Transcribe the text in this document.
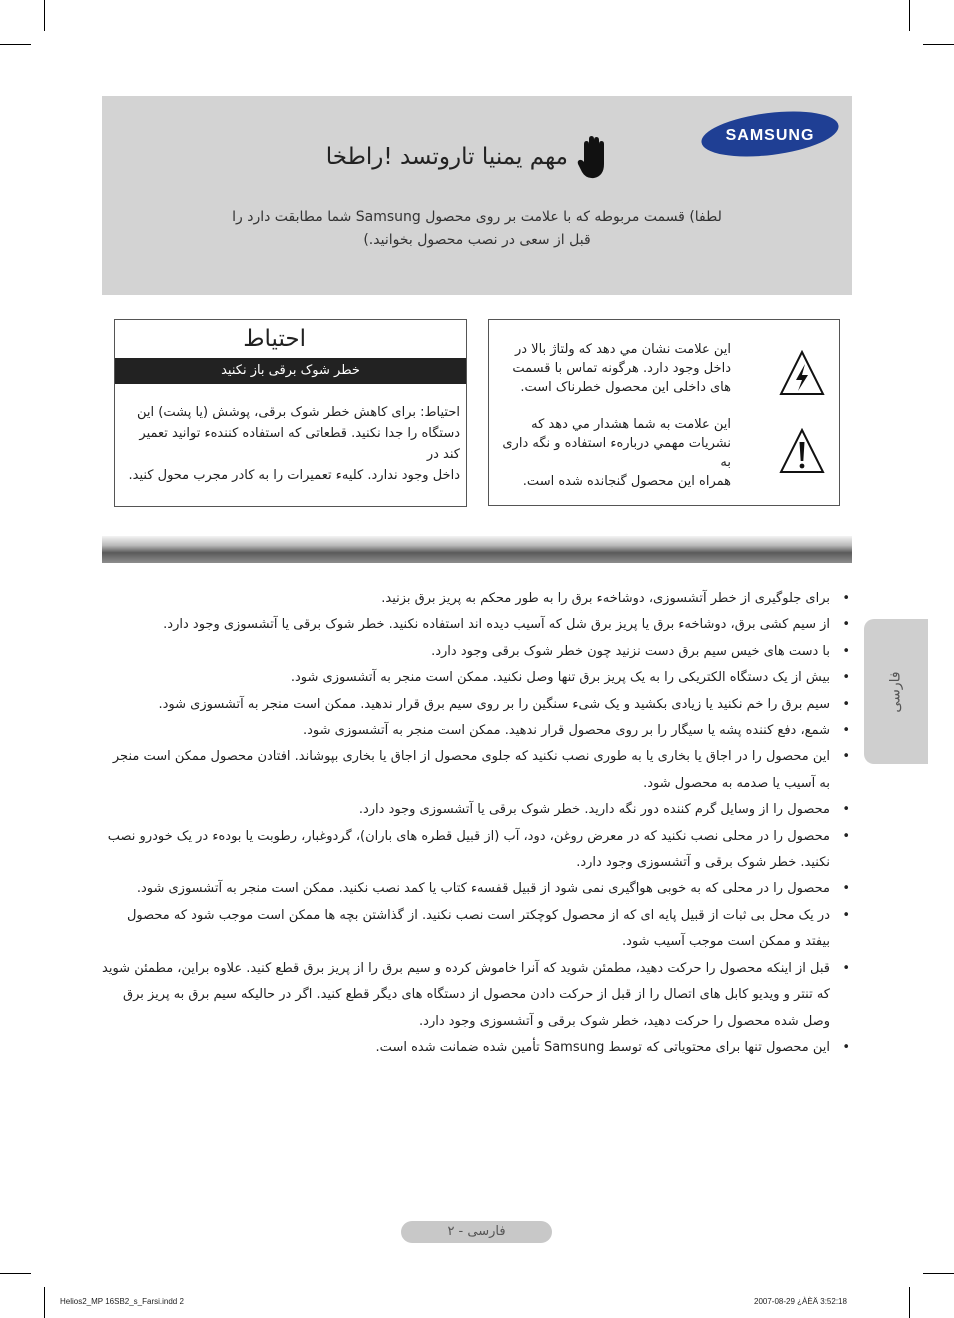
SAMSUNG
مهم يمنيا تاروتسد !راطخا
لطفا) قسمت مربوطه که با علامت بر روی محصول Samsung شما مطابقت دارد را
قبل از سعی در نصب محصول بخوانيد.)
احتياط
خطر شوک برقی باز نکنيد
احتياط: برای کاهش خطر شوک برقی، پوشش (يا پشت) اين
دستگاه را جدا نکنيد. قطعاتی که استفاده کنندهء توانيد تعمير کند در
داخل وجود ندارد. کليهء تعميرات را به کادر مجرب محول کنيد.
اين علامت نشان مي دهد که ولتاژ بالا در
داخل وجود دارد. هرگونه تماس با قسمت
های داخلی اين محصول خطرناک است.
اين علامت به شما هشدار مي دهد که
نشريات مهمي دربارهء استفاده و نگه داری به
همراه اين محصول گنجانده شده است.
• برای جلوگيری از خطر آتشسوزی، دوشاخهء برق را به طور محکم به پريز برق بزنيد.
• از سيم کشی برق، دوشاخهء برق يا پريز برق شل که آسيب ديده اند استفاده نکنيد. خطر شوک برقی يا آتشسوزی وجود دارد.
• با دست های خيس سيم برق دست نزنيد چون خطر شوک برقی وجود دارد.
• بيش از يک دستگاه الکتريکی را به يک پريز برق تنها وصل نکنيد. ممکن است منجر به آتشسوزی شود.
• سيم برق را خم نکنيد يا زيادی بکشيد و يک شیء سنگين را بر روی سيم برق قرار ندهيد. ممکن است منجر به آتشسوزی شود.
• شمع، دفع کننده پشه يا سيگار را بر روی محصول قرار ندهيد. ممکن است منجر به آتشسوزی شود.
• اين محصول را در اجاق يا بخاری يا به طوری نصب نکنيد که جلوی محصول از اجاق يا بخاری بپوشاند. افتادن محصول ممکن است منجر به آسيب يا صدمه به محصول شود.
• محصول را از وسايل گرم کننده دور نگه داريد. خطر شوک برقی يا آتشسوزی وجود دارد.
• محصول را در محلی نصب نکنيد که در معرض روغن، دود، آب (از قبيل قطره های باران)، گردوغبار، رطوبت يا بودهء در يک خودرو نصب نکنيد. خطر شوک برقی و آتشسوزی وجود دارد.
• محصول را در محلی که به خوبی هواگيری نمی شود از قبيل قفسهء کتاب يا کمد نصب نکنيد. ممکن است منجر به آتشسوزی شود.
• در يک محل بی ثبات از قبيل پايه ای که از محصول کوچکتر است نصب نکنيد. از گذاشتن بچه ها ممکن است موجب شود که محصول بيفتد و ممکن است موجب آسيب شود.
• قبل از اينکه محصول را حرکت دهيد، مطمئن شويد که آنرا خاموش کرده و سيم برق را از پريز برق قطع کنيد. علاوه براين، مطمئن شويد که تنتر و ويديو کابل های اتصال را از قبل از حرکت دادن محصول از دستگاه های ديگر قطع کنيد. اگر در حاليکه سيم برق به پريز برق وصل شده محصول را حرکت دهيد، خطر شوک برقی و آتشسوزی وجود دارد.
• اين محصول تنها برای محتوياتی که توسط Samsung تأمين شده ضمانت شده است.
فارسی
فارسی - ٢
Helios2_MP 16SB2_s_Farsi.indd 2	2007-08-29 ¿ÀÈÄ 3:52:18
